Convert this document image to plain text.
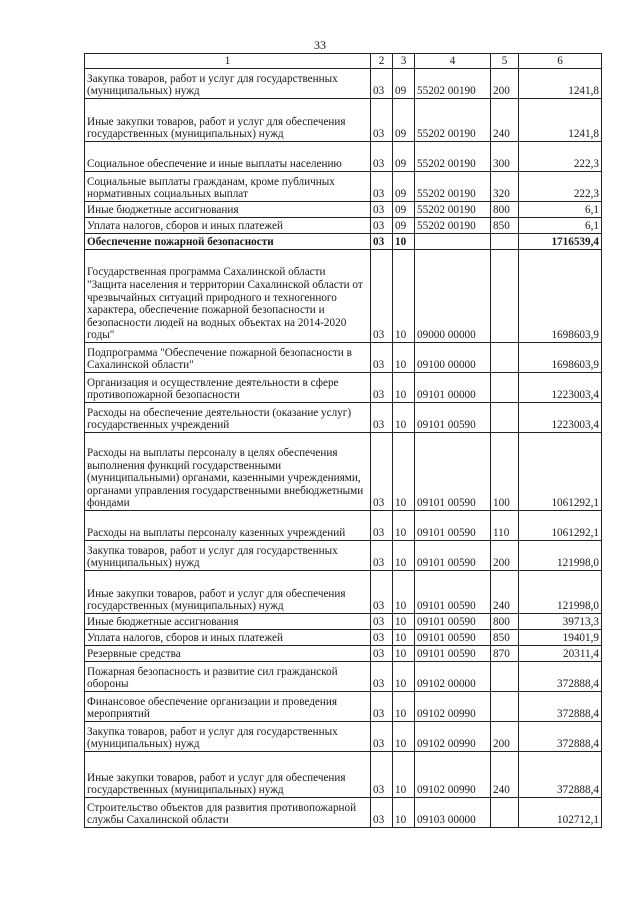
33
1	2	3	4	5	6
Закупка товаров, работ и услуг для государственных (муниципальных) нужд	03	09	55202 00190	200	1241,8
Иные закупки товаров, работ и услуг для обеспечения государственных (муниципальных) нужд	03	09	55202 00190	240	1241,8
Социальное обеспечение и иные выплаты населению	03	09	55202 00190	300	222,3
Социальные выплаты гражданам, кроме публичных нормативных социальных выплат	03	09	55202 00190	320	222,3
Иные бюджетные ассигнования	03	09	55202 00190	800	6,1
Уплата налогов, сборов и иных платежей	03	09	55202 00190	850	6,1
Обеспечение пожарной безопасности	03	10			1716539,4
Государственная программа Сахалинской области "Защита населения и территории Сахалинской области от чрезвычайных ситуаций природного и техногенного характера, обеспечение пожарной безопасности и безопасности людей на водных объектах на 2014-2020 годы"	03	10	09000 00000		1698603,9
Подпрограмма "Обеспечение пожарной безопасности в Сахалинской области"	03	10	09100 00000		1698603,9
Организация и осуществление деятельности в сфере противопожарной безопасности	03	10	09101 00000		1223003,4
Расходы на обеспечение деятельности (оказание услуг) государственных учреждений	03	10	09101 00590		1223003,4
Расходы на выплаты персоналу в целях обеспечения выполнения функций государственными (муниципальными) органами, казенными учреждениями, органами управления государственными внебюджетными фондами	03	10	09101 00590	100	1061292,1
Расходы на выплаты персоналу казенных учреждений	03	10	09101 00590	110	1061292,1
Закупка товаров, работ и услуг для государственных (муниципальных) нужд	03	10	09101 00590	200	121998,0
Иные закупки товаров, работ и услуг для обеспечения государственных (муниципальных) нужд	03	10	09101 00590	240	121998,0
Иные бюджетные ассигнования	03	10	09101 00590	800	39713,3
Уплата налогов, сборов и иных платежей	03	10	09101 00590	850	19401,9
Резервные средства	03	10	09101 00590	870	20311,4
Пожарная безопасность и развитие сил гражданской обороны	03	10	09102 00000		372888,4
Финансовое обеспечение организации и проведения мероприятий	03	10	09102 00990		372888,4
Закупка товаров, работ и услуг для государственных (муниципальных) нужд	03	10	09102 00990	200	372888,4
Иные закупки товаров, работ и услуг для обеспечения государственных (муниципальных) нужд	03	10	09102 00990	240	372888,4
Строительство объектов для развития противопожарной службы Сахалинской области	03	10	09103 00000		102712,1
